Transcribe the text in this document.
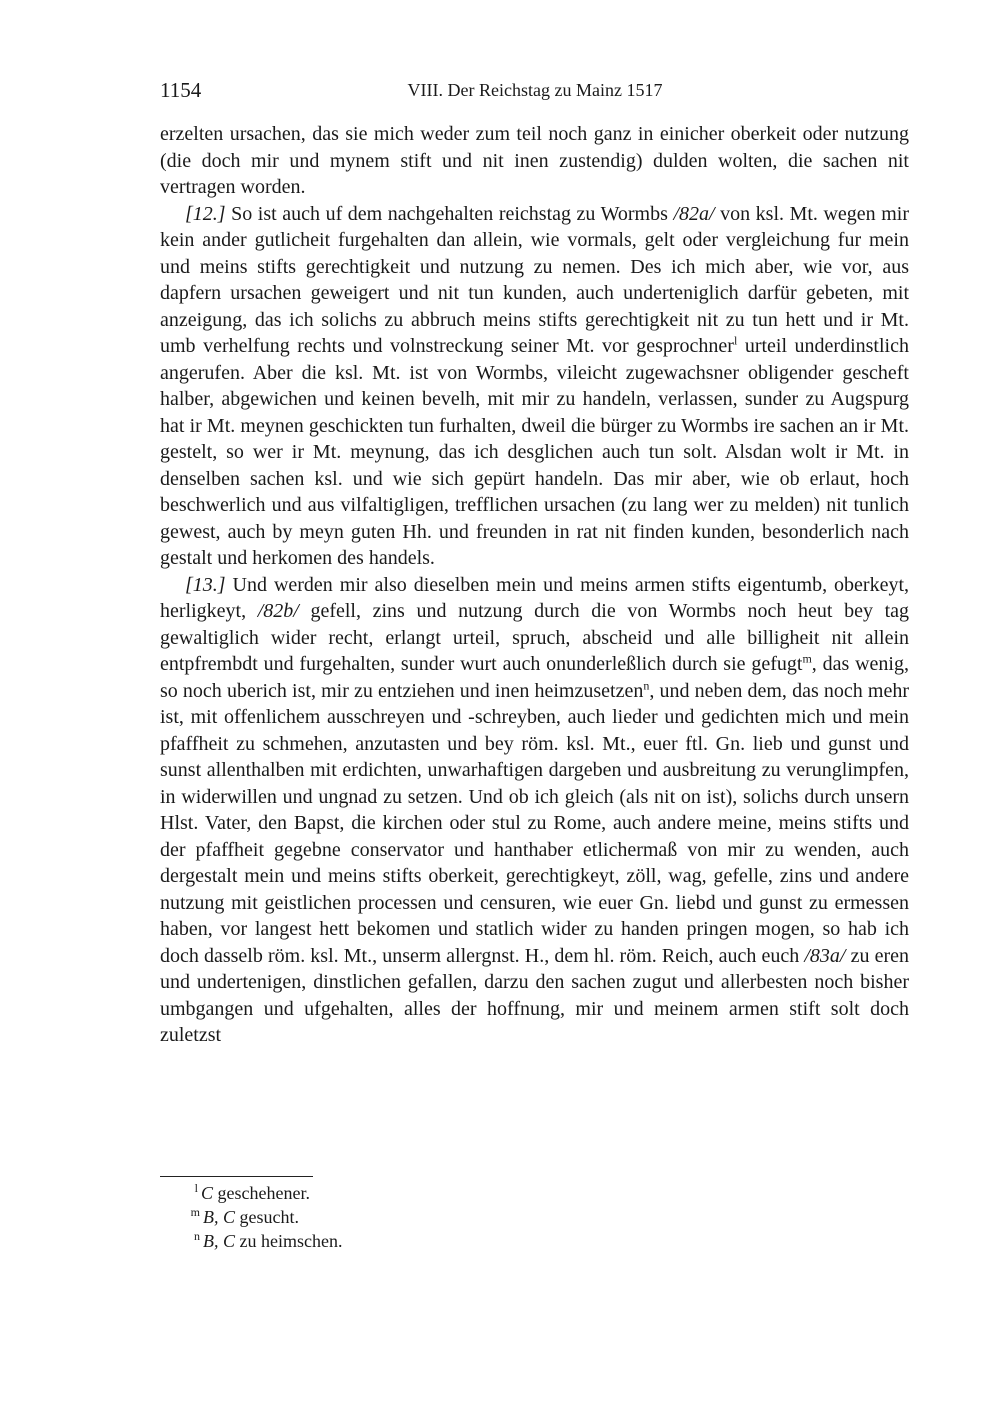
1154	VIII. Der Reichstag zu Mainz 1517

erzelten ursachen, das sie mich weder zum teil noch ganz in einicher oberkeit oder nutzung (die doch mir und mynem stift und nit inen zustendig) dulden wolten, die sachen nit vertragen worden.

[12.] So ist auch uf dem nachgehalten reichstag zu Wormbs /82a/ von ksl. Mt. wegen mir kein ander gutlicheit furgehalten dan allein, wie vormals, gelt oder vergleichung fur mein und meins stifts gerechtigkeit und nutzung zu nemen. Des ich mich aber, wie vor, aus dapfern ursachen geweigert und nit tun kunden, auch underteniglich darfür gebeten, mit anzeigung, das ich solichs zu abbruch meins stifts gerechtigkeit nit zu tun hett und ir Mt. umb verhelfung rechts und volnstreckung seiner Mt. vor gesprochner$^l$ urteil underdinstlich angerufen. Aber die ksl. Mt. ist von Wormbs, vileicht zugewachsner obligender gescheft halber, abgewichen und keinen bevelh, mit mir zu handeln, verlassen, sunder zu Augspurg hat ir Mt. meynen geschickten tun furhalten, dweil die bürger zu Wormbs ire sachen an ir Mt. gestelt, so wer ir Mt. meynung, das ich desglichen auch tun solt. Alsdan wolt ir Mt. in denselben sachen ksl. und wie sich gepürt handeln. Das mir aber, wie ob erlaut, hoch beschwerlich und aus vilfaltigligen, trefflichen ursachen (zu lang wer zu melden) nit tunlich gewest, auch by meyn guten Hh. und freunden in rat nit finden kunden, besonderlich nach gestalt und herkomen des handels.

[13.] Und werden mir also dieselben mein und meins armen stifts eigentumb, oberkeyt, herligkeyt, /82b/ gefell, zins und nutzung durch die von Wormbs noch heut bey tag gewaltiglich wider recht, erlangt urteil, spruch, abscheid und alle billigheit nit allein entpfrembdt und furgehalten, sunder wurt auch onunderleßlich durch sie gefugt$^m$, das wenig, so noch uberich ist, mir zu entziehen und inen heimzusetzen$^n$, und neben dem, das noch mehr ist, mit offenlichem ausschreyen und -schreyben, auch lieder und gedichten mich und mein pfaffheit zu schmehen, anzutasten und bey röm. ksl. Mt., euer ftl. Gn. lieb und gunst und sunst allenthalben mit erdichten, unwarhaftigen dargeben und ausbreitung zu verunglimpfen, in widerwillen und ungnad zu setzen. Und ob ich gleich (als nit on ist), solichs durch unsern Hlst. Vater, den Bapst, die kirchen oder stul zu Rome, auch andere meine, meins stifts und der pfaffheit gegebne conservator und hanthaber etlichermaß von mir zu wenden, auch dergestalt mein und meins stifts oberkeit, gerechtigkeyt, zöll, wag, gefelle, zins und andere nutzung mit geistlichen processen und censuren, wie euer Gn. liebd und gunst zu ermessen haben, vor langest hett bekomen und statlich wider zu handen pringen mogen, so hab ich doch dasselb röm. ksl. Mt., unserm allergnst. H., dem hl. röm. Reich, auch euch /83a/ zu eren und undertenigen, dinstlichen gefallen, darzu den sachen zugut und allerbesten noch bisher umbgangen und ufgehalten, alles der hoffnung, mir und meinem armen stift solt doch zuletzst

l C geschehener.
m B, C gesucht.
n B, C zu heimschen.
